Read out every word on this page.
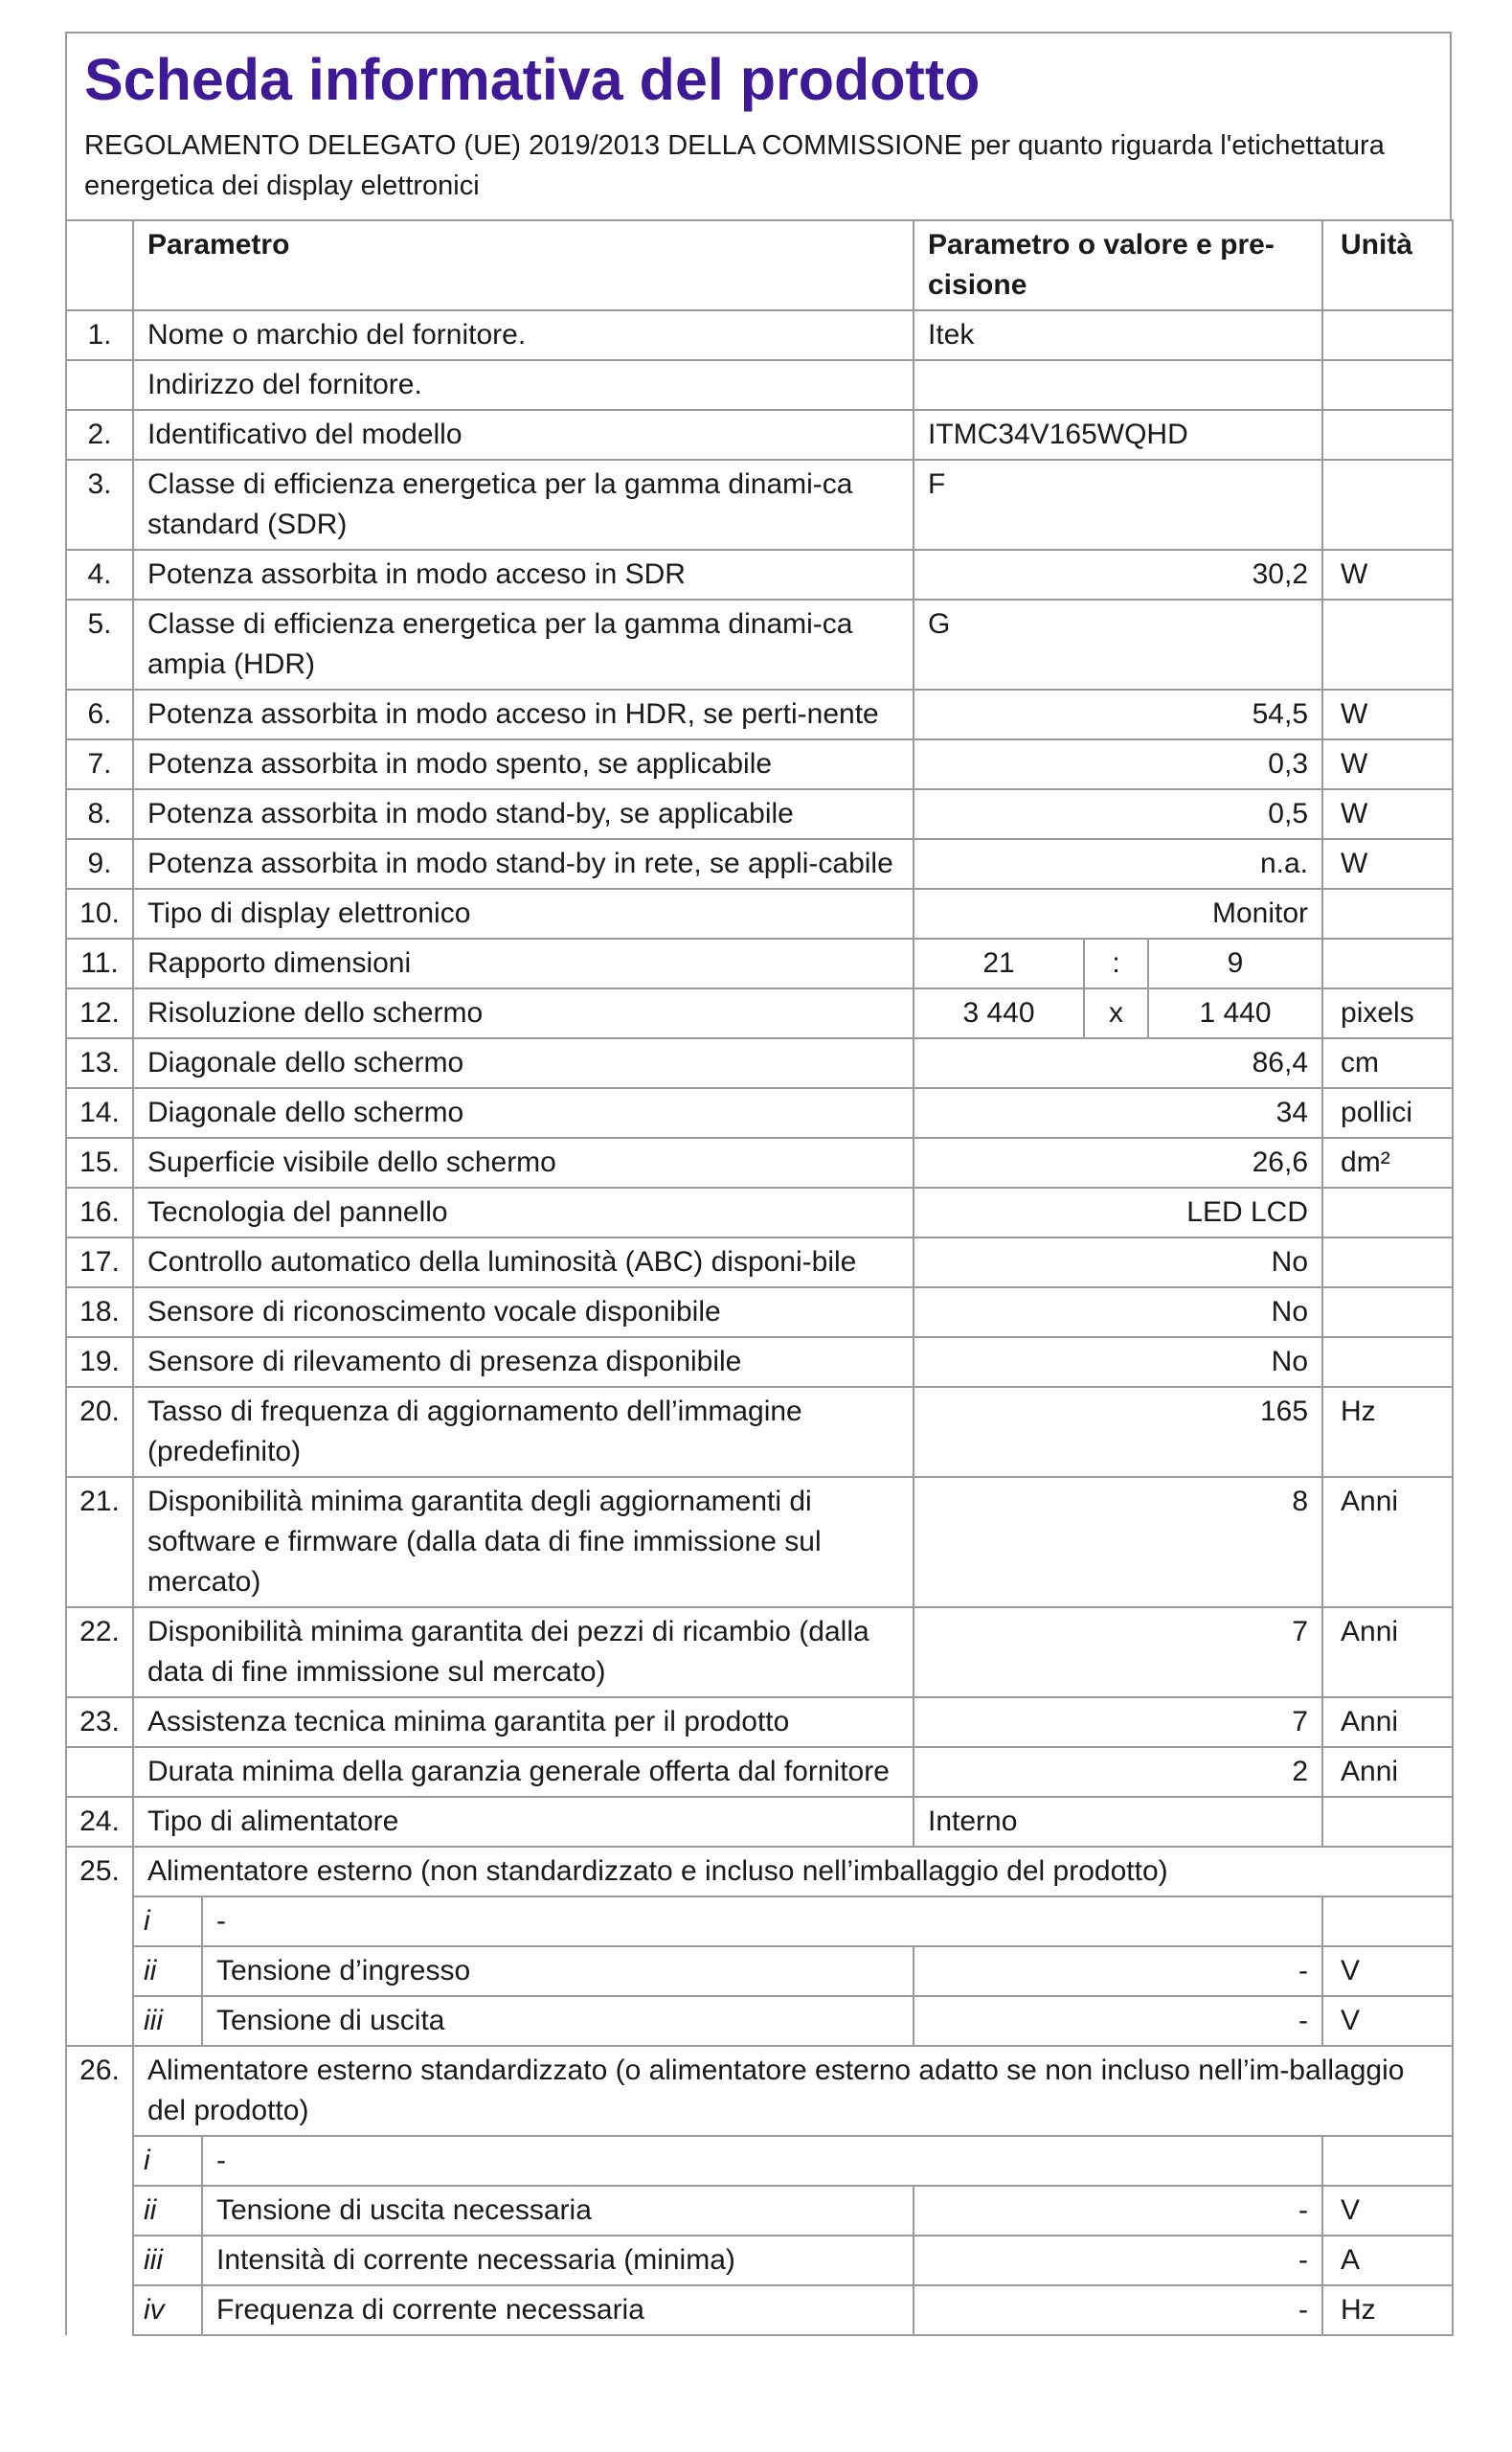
Scheda informativa del prodotto
REGOLAMENTO DELEGATO (UE) 2019/2013 DELLA COMMISSIONE per quanto riguarda l'etichettatura energetica dei display elettronici
	Parametro		Parametro o valore e pre-cisione			Unità
1.	Nome o marchio del fornitore.		Itek			
	Indirizzo del fornitore.					
2.	Identificativo del modello		ITMC34V165WQHD			
3.	Classe di efficienza energetica per la gamma dinami-ca standard (SDR)		F			
4.	Potenza assorbita in modo acceso in SDR		30,2			W
5.	Classe di efficienza energetica per la gamma dinami-ca ampia (HDR)		G			
6.	Potenza assorbita in modo acceso in HDR, se perti-nente		54,5			W
7.	Potenza assorbita in modo spento, se applicabile		0,3			W
8.	Potenza assorbita in modo stand-by, se applicabile		0,5			W
9.	Potenza assorbita in modo stand-by in rete, se appli-cabile		n.a.			W
10.	Tipo di display elettronico		Monitor			
11.	Rapporto dimensioni		21	:	9	
12.	Risoluzione dello schermo		3 440	x	1 440	pixels
13.	Diagonale dello schermo		86,4			cm
14.	Diagonale dello schermo		34			pollici
15.	Superficie visibile dello schermo		26,6			dm²
16.	Tecnologia del pannello		LED LCD			
17.	Controllo automatico della luminosità (ABC) disponi-bile		No			
18.	Sensore di riconoscimento vocale disponibile		No			
19.	Sensore di rilevamento di presenza disponibile		No			
20.	Tasso di frequenza di aggiornamento dell’immagine (predefinito)		165			Hz
21.	Disponibilità minima garantita degli aggiornamenti di software e firmware (dalla data di fine immissione sul mercato)		8			Anni
22.	Disponibilità minima garantita dei pezzi di ricambio (dalla data di fine immissione sul mercato)		7			Anni
23.	Assistenza tecnica minima garantita per il prodotto		7			Anni
	Durata minima della garanzia generale offerta dal fornitore		2			Anni
24.	Tipo di alimentatore		Interno			
25.	Alimentatore esterno (non standardizzato e incluso nell’imballaggio del prodotto)					
	i	-				
	ii	Tensione d’ingresso	-			V
	iii	Tensione di uscita	-			V
26.	Alimentatore esterno standardizzato (o alimentatore esterno adatto se non incluso nell’im-ballaggio del prodotto)					
	i	-				
	ii	Tensione di uscita necessaria	-			V
	iii	Intensità di corrente necessaria (minima)	-			A
	iv	Frequenza di corrente necessaria	-			Hz
